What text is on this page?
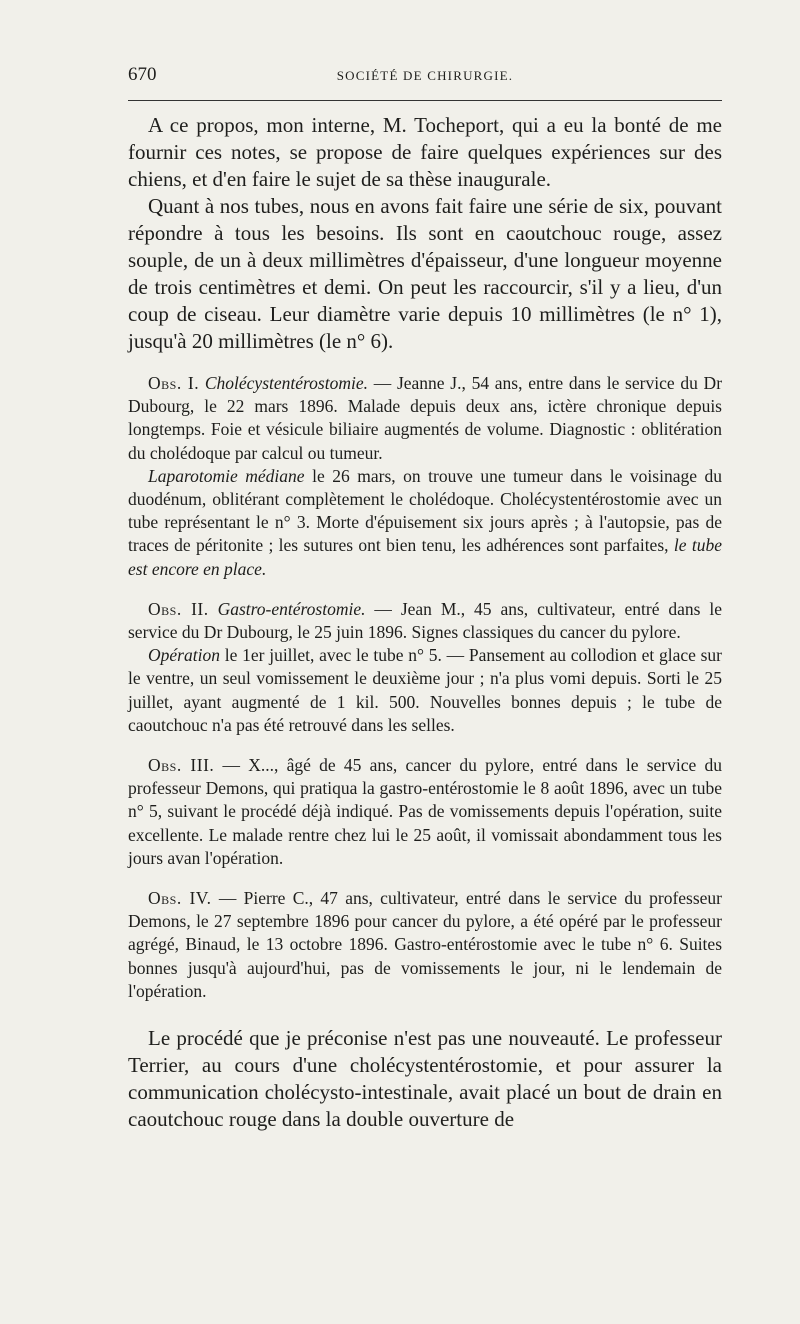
670	SOCIÉTÉ DE CHIRURGIE.

A ce propos, mon interne, M. Tocheport, qui a eu la bonté de me fournir ces notes, se propose de faire quelques expériences sur des chiens, et d'en faire le sujet de sa thèse inaugurale.

Quant à nos tubes, nous en avons fait faire une série de six, pouvant répondre à tous les besoins. Ils sont en caoutchouc rouge, assez souple, de un à deux millimètres d'épaisseur, d'une longueur moyenne de trois centimètres et demi. On peut les raccourcir, s'il y a lieu, d'un coup de ciseau. Leur diamètre varie depuis 10 millimètres (le n° 1), jusqu'à 20 millimètres (le n° 6).

Obs. I. Cholécystentérostomie. — Jeanne J., 54 ans, entre dans le service du Dr Dubourg, le 22 mars 1896. Malade depuis deux ans, ictère chronique depuis longtemps. Foie et vésicule biliaire augmentés de volume. Diagnostic : oblitération du cholédoque par calcul ou tumeur.

Laparotomie médiane le 26 mars, on trouve une tumeur dans le voisinage du duodénum, oblitérant complètement le cholédoque. Cholécystentérostomie avec un tube représentant le n° 3. Morte d'épuisement six jours après ; à l'autopsie, pas de traces de péritonite ; les sutures ont bien tenu, les adhérences sont parfaites, le tube est encore en place.

Obs. II. Gastro-entérostomie. — Jean M., 45 ans, cultivateur, entré dans le service du Dr Dubourg, le 25 juin 1896. Signes classiques du cancer du pylore.

Opération le 1er juillet, avec le tube n° 5. — Pansement au collodion et glace sur le ventre, un seul vomissement le deuxième jour ; n'a plus vomi depuis. Sorti le 25 juillet, ayant augmenté de 1 kil. 500. Nouvelles bonnes depuis ; le tube de caoutchouc n'a pas été retrouvé dans les selles.

Obs. III. — X..., âgé de 45 ans, cancer du pylore, entré dans le service du professeur Demons, qui pratiqua la gastro-entérostomie le 8 août 1896, avec un tube n° 5, suivant le procédé déjà indiqué. Pas de vomissements depuis l'opération, suite excellente. Le malade rentre chez lui le 25 août, il vomissait abondamment tous les jours avan l'opération.

Obs. IV. — Pierre C., 47 ans, cultivateur, entré dans le service du professeur Demons, le 27 septembre 1896 pour cancer du pylore, a été opéré par le professeur agrégé, Binaud, le 13 octobre 1896. Gastro-entérostomie avec le tube n° 6. Suites bonnes jusqu'à aujourd'hui, pas de vomissements le jour, ni le lendemain de l'opération.

Le procédé que je préconise n'est pas une nouveauté. Le professeur Terrier, au cours d'une cholécystentérostomie, et pour assurer la communication cholécysto-intestinale, avait placé un bout de drain en caoutchouc rouge dans la double ouverture de
